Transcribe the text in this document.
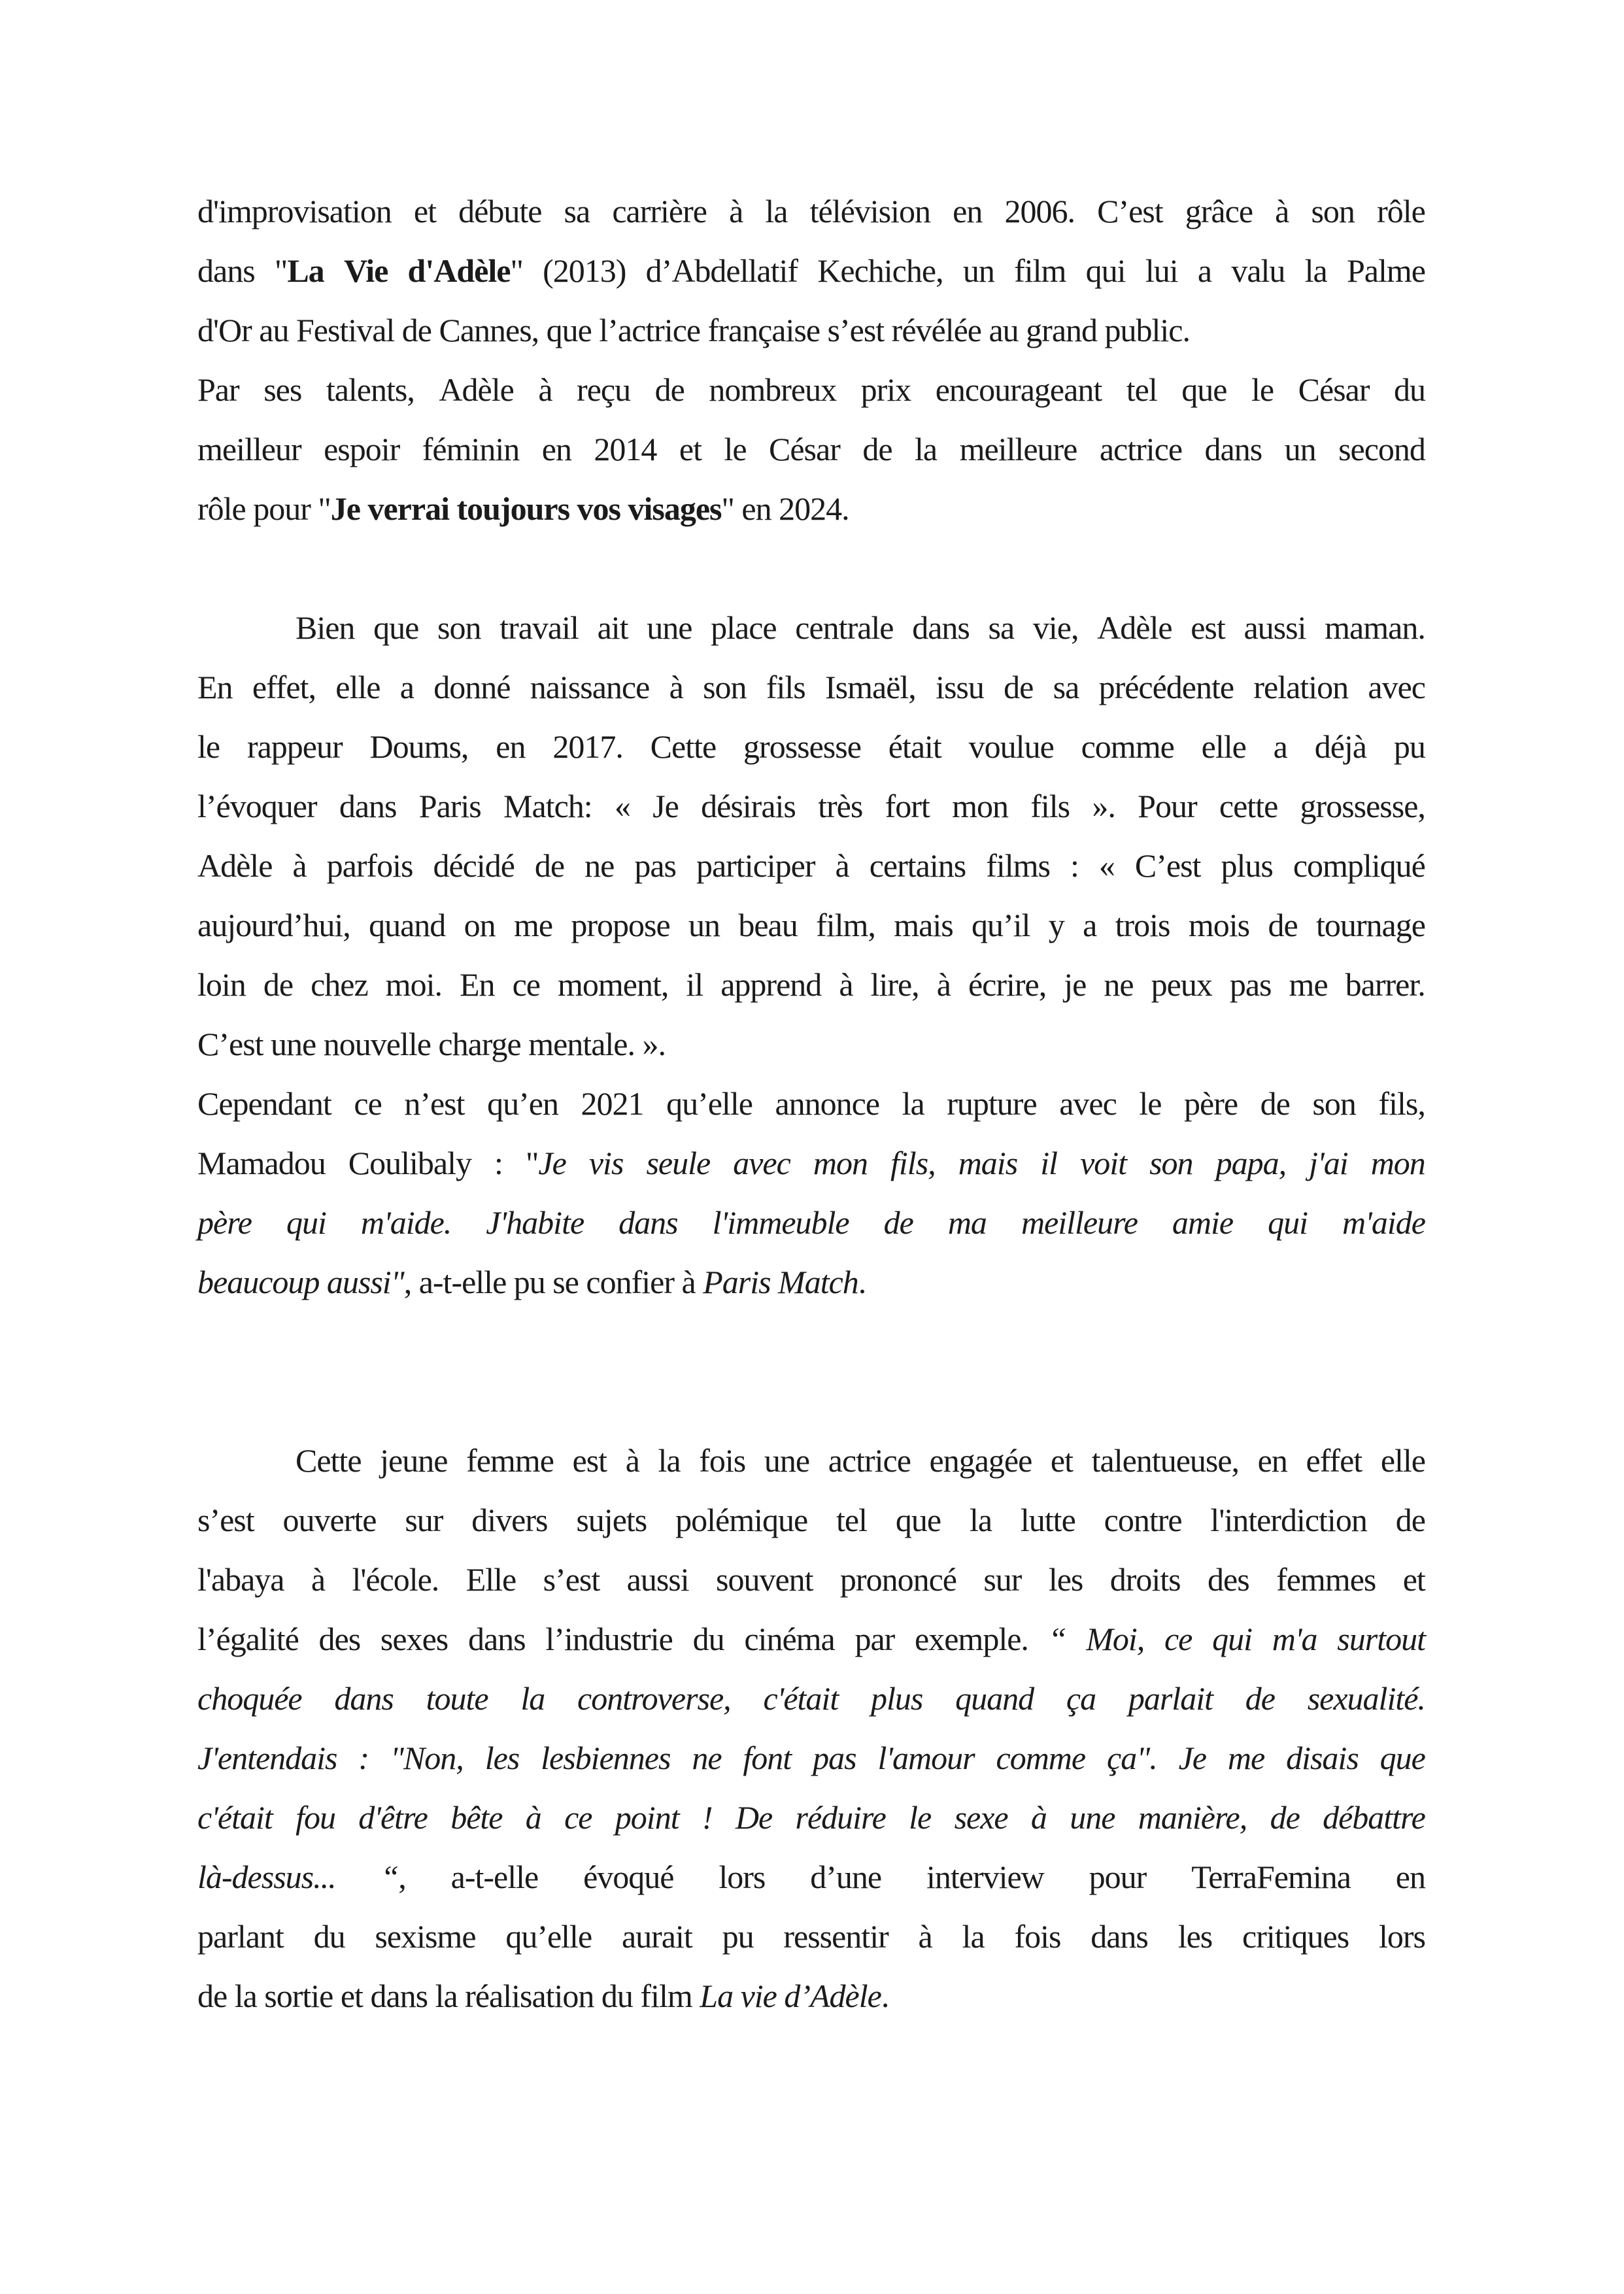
d'improvisation et débute sa carrière à la télévision en 2006. C’est grâce à son rôle
dans "La Vie d'Adèle" (2013) d’Abdellatif Kechiche, un film qui lui a valu la Palme
d'Or au Festival de Cannes, que l’actrice française s’est révélée au grand public.
Par ses talents, Adèle à reçu de nombreux prix encourageant tel que le César du
meilleur espoir féminin en 2014 et le César de la meilleure actrice dans un second
rôle pour "Je verrai toujours vos visages" en 2024.
Bien que son travail ait une place centrale dans sa vie, Adèle est aussi maman.
En effet, elle a donné naissance à son fils Ismaël, issu de sa précédente relation avec
le rappeur Doums, en 2017. Cette grossesse était voulue comme elle a déjà pu
l’évoquer dans Paris Match: « Je désirais très fort mon fils ». Pour cette grossesse,
Adèle à parfois décidé de ne pas participer à certains films : « C’est plus compliqué
aujourd’hui, quand on me propose un beau film, mais qu’il y a trois mois de tournage
loin de chez moi. En ce moment, il apprend à lire, à écrire, je ne peux pas me barrer.
C’est une nouvelle charge mentale. ».
Cependant ce n’est qu’en 2021 qu’elle annonce la rupture avec le père de son fils,
Mamadou Coulibaly : "Je vis seule avec mon fils, mais il voit son papa, j'ai mon
père qui m'aide. J'habite dans l'immeuble de ma meilleure amie qui m'aide
beaucoup aussi", a-t-elle pu se confier à Paris Match.
Cette jeune femme est à la fois une actrice engagée et talentueuse, en effet elle
s’est ouverte sur divers sujets polémique tel que la lutte contre l'interdiction de
l'abaya à l'école. Elle s’est aussi souvent prononcé sur les droits des femmes et
l’égalité des sexes dans l’industrie du cinéma par exemple. “ Moi, ce qui m'a surtout
choquée dans toute la controverse, c'était plus quand ça parlait de sexualité.
J'entendais : "Non, les lesbiennes ne font pas l'amour comme ça". Je me disais que
c'était fou d'être bête à ce point ! De réduire le sexe à une manière, de débattre
là-dessus... “, a-t-elle évoqué lors d’une interview pour TerraFemina en
parlant du sexisme qu’elle aurait pu ressentir à la fois dans les critiques lors
de la sortie et dans la réalisation du film La vie d’Adèle.
